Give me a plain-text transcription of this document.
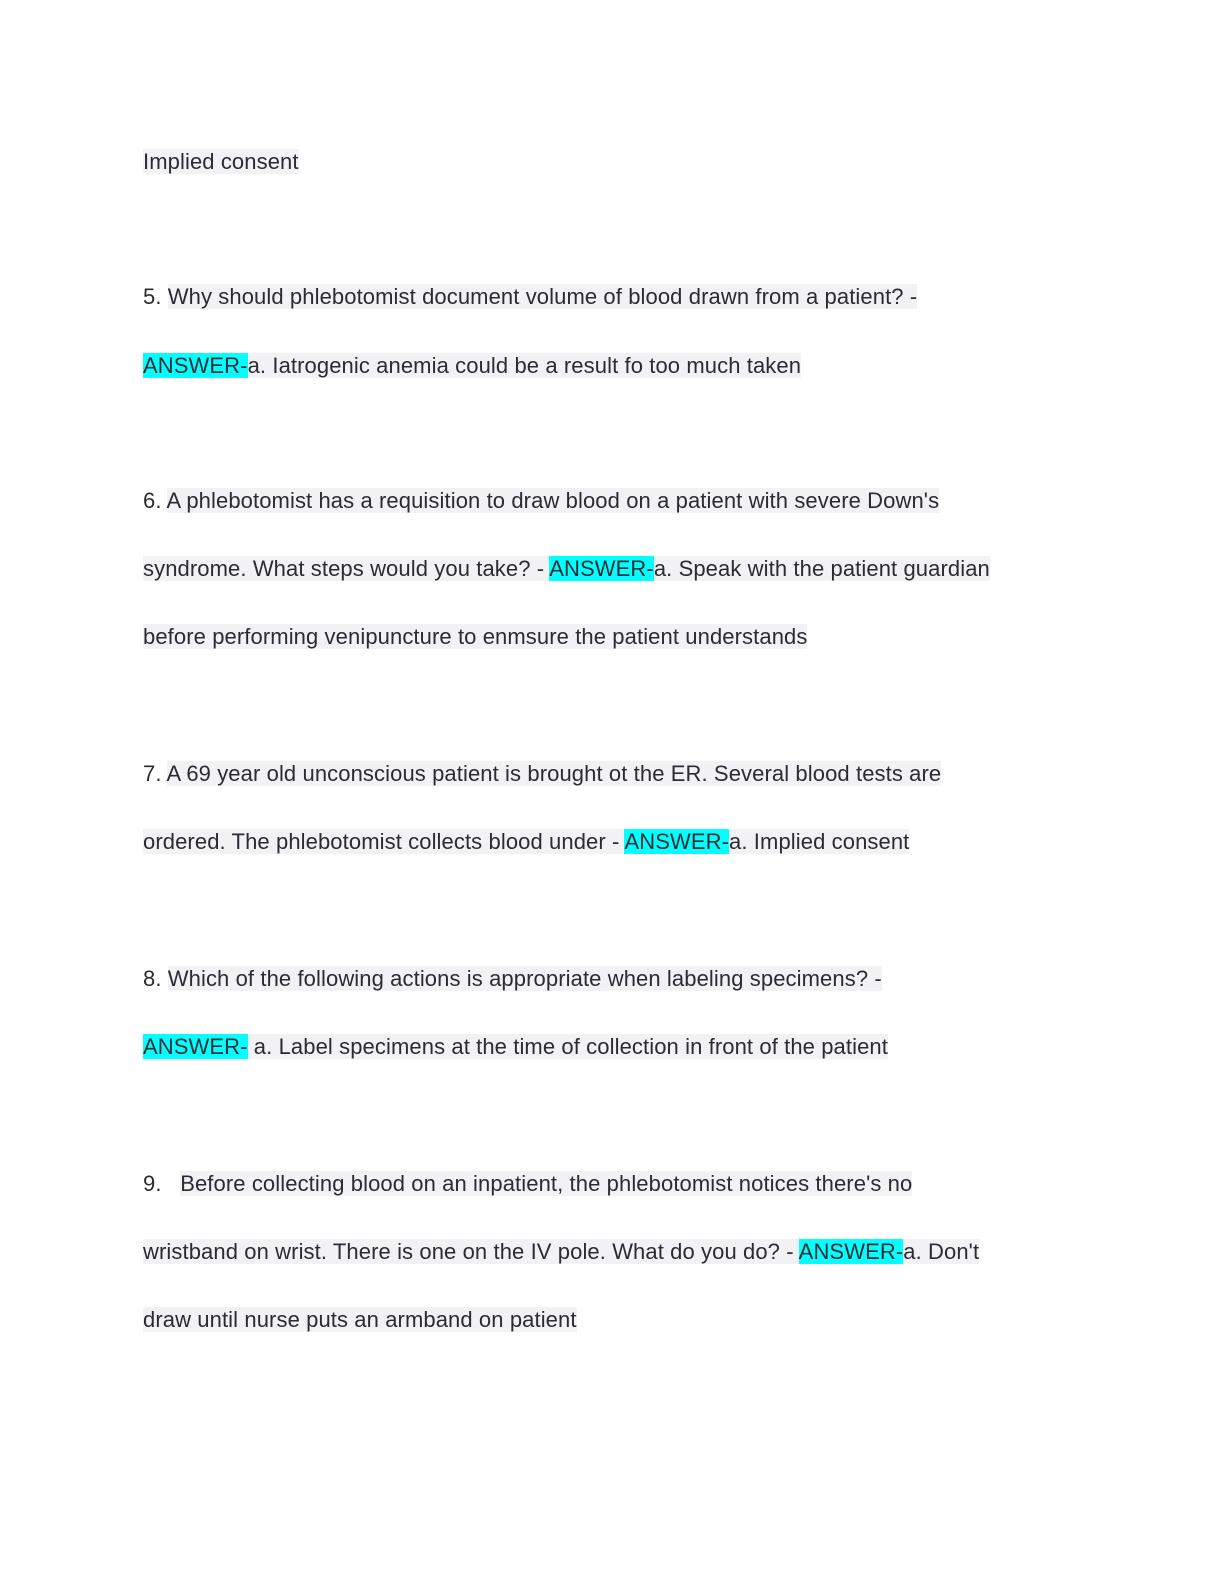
Implied consent
5. Why should phlebotomist document volume of blood drawn from a patient? -
ANSWER-a. Iatrogenic anemia could be a result fo too much taken
6. A phlebotomist has a requisition to draw blood on a patient with severe Down's
syndrome. What steps would you take? - ANSWER-a. Speak with the patient guardian
before performing venipuncture to enmsure the patient understands
7. A 69 year old unconscious patient is brought ot the ER. Several blood tests are
ordered. The phlebotomist collects blood under - ANSWER-a. Implied consent
8. Which of the following actions is appropriate when labeling specimens? -
ANSWER- a. Label specimens at the time of collection in front of the patient
9.   Before collecting blood on an inpatient, the phlebotomist notices there's no
wristband on wrist. There is one on the IV pole. What do you do? - ANSWER-a. Don't
draw until nurse puts an armband on patient
